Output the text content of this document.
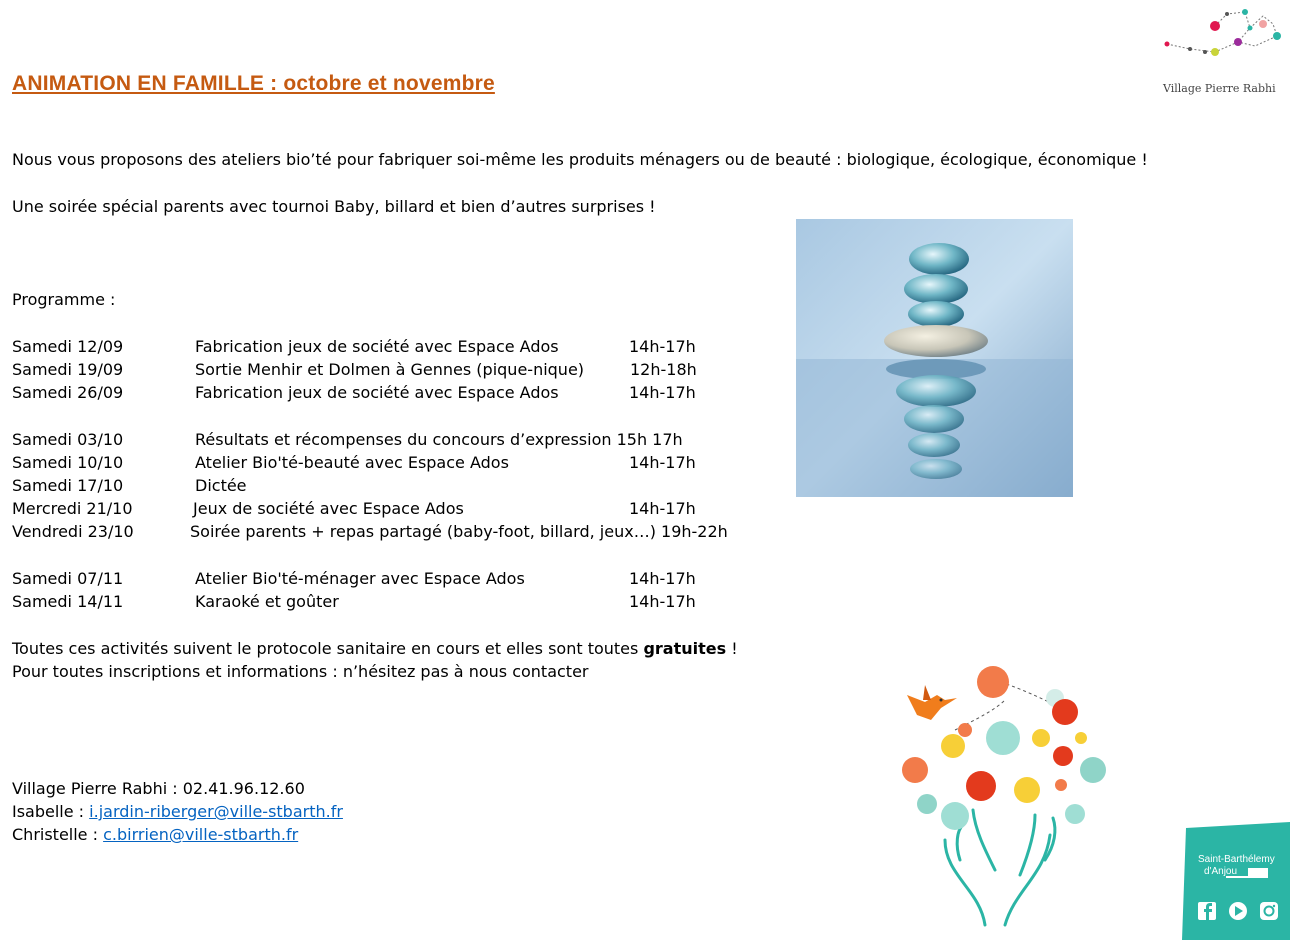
ANIMATION EN FAMILLE : octobre et novembre
Nous vous proposons des ateliers bio’té pour fabriquer soi-même les produits ménagers ou de beauté : biologique, écologique, économique !
Une soirée spécial parents avec tournoi Baby, billard et bien d’autres surprises !
Programme :
Samedi 12/09	Fabrication jeux de société avec Espace Ados	14h-17h
Samedi 19/09	Sortie Menhir et Dolmen à Gennes (pique-nique)	12h-18h
Samedi 26/09	Fabrication jeux de société avec Espace Ados	14h-17h
Samedi 03/10	Résultats et récompenses du concours d’expression 15h 17h
Samedi 10/10	Atelier Bio'té-beauté avec Espace Ados	14h-17h
Samedi 17/10	Dictée
Mercredi 21/10	Jeux de société avec Espace Ados	14h-17h
Vendredi 23/10	Soirée parents + repas partagé (baby-foot, billard, jeux…) 19h-22h
Samedi 07/11	Atelier Bio'té-ménager avec Espace Ados	14h-17h
Samedi 14/11	Karaoké et goûter	14h-17h
Toutes ces activités suivent le protocole sanitaire en cours et elles sont toutes gratuites !
Pour toutes inscriptions et informations : n’hésitez pas à nous contacter
Village Pierre Rabhi : 02.41.96.12.60
Isabelle : i.jardin-riberger@ville-stbarth.fr
Christelle : c.birrien@ville-stbarth.fr
Village Pierre Rabhi
Saint-Barthélemy
d'Anjou
